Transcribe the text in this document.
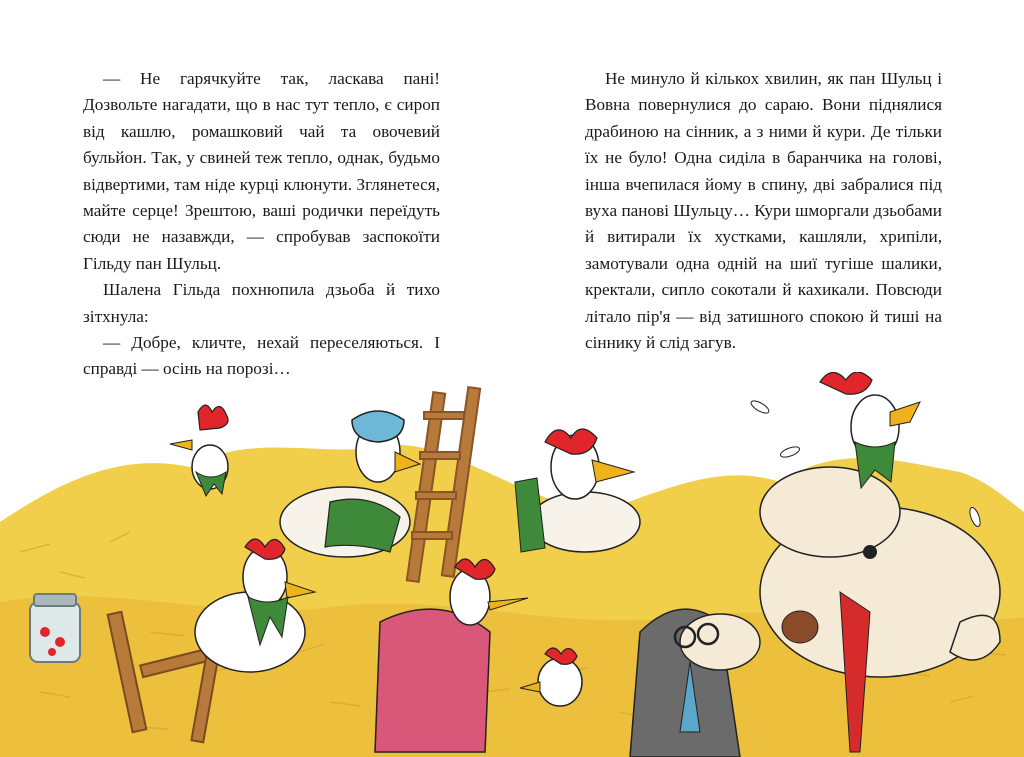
— Не гарячкуйте так, ласкава пані! Дозвольте нагадати, що в нас тут тепло, є сироп від кашлю, ромашковий чай та овочевий бульйон. Так, у свиней теж тепло, однак, будьмо відвертими, там ніде курці клюнути. Зглянетеся, майте серце! Зрештою, ваші родички переїдуть сюди не назавжди, — спробував заспокоїти Гільду пан Шульц.

Шалена Гільда похнюпила дзьоба й тихо зітхнула:

— Добре, кличте, нехай переселяються. І справді — осінь на порозі…

Не минуло й кількох хвилин, як пан Шульц і Вовна повернулися до сараю. Вони піднялися драбиною на сінник, а з ними й кури. Де тільки їх не було! Одна сиділа в баранчика на голові, інша вчепилася йому в спину, дві забралися під вуха панові Шульцу… Кури шморгали дзьобами й витирали їх хустками, кашляли, хрипіли, замотували одна одній на шиї тугіше шалики, кректали, сипло сокотали й кахикали. Повсюди літало пір'я — від затишного спокою й тиші на сіннику й слід загув.
